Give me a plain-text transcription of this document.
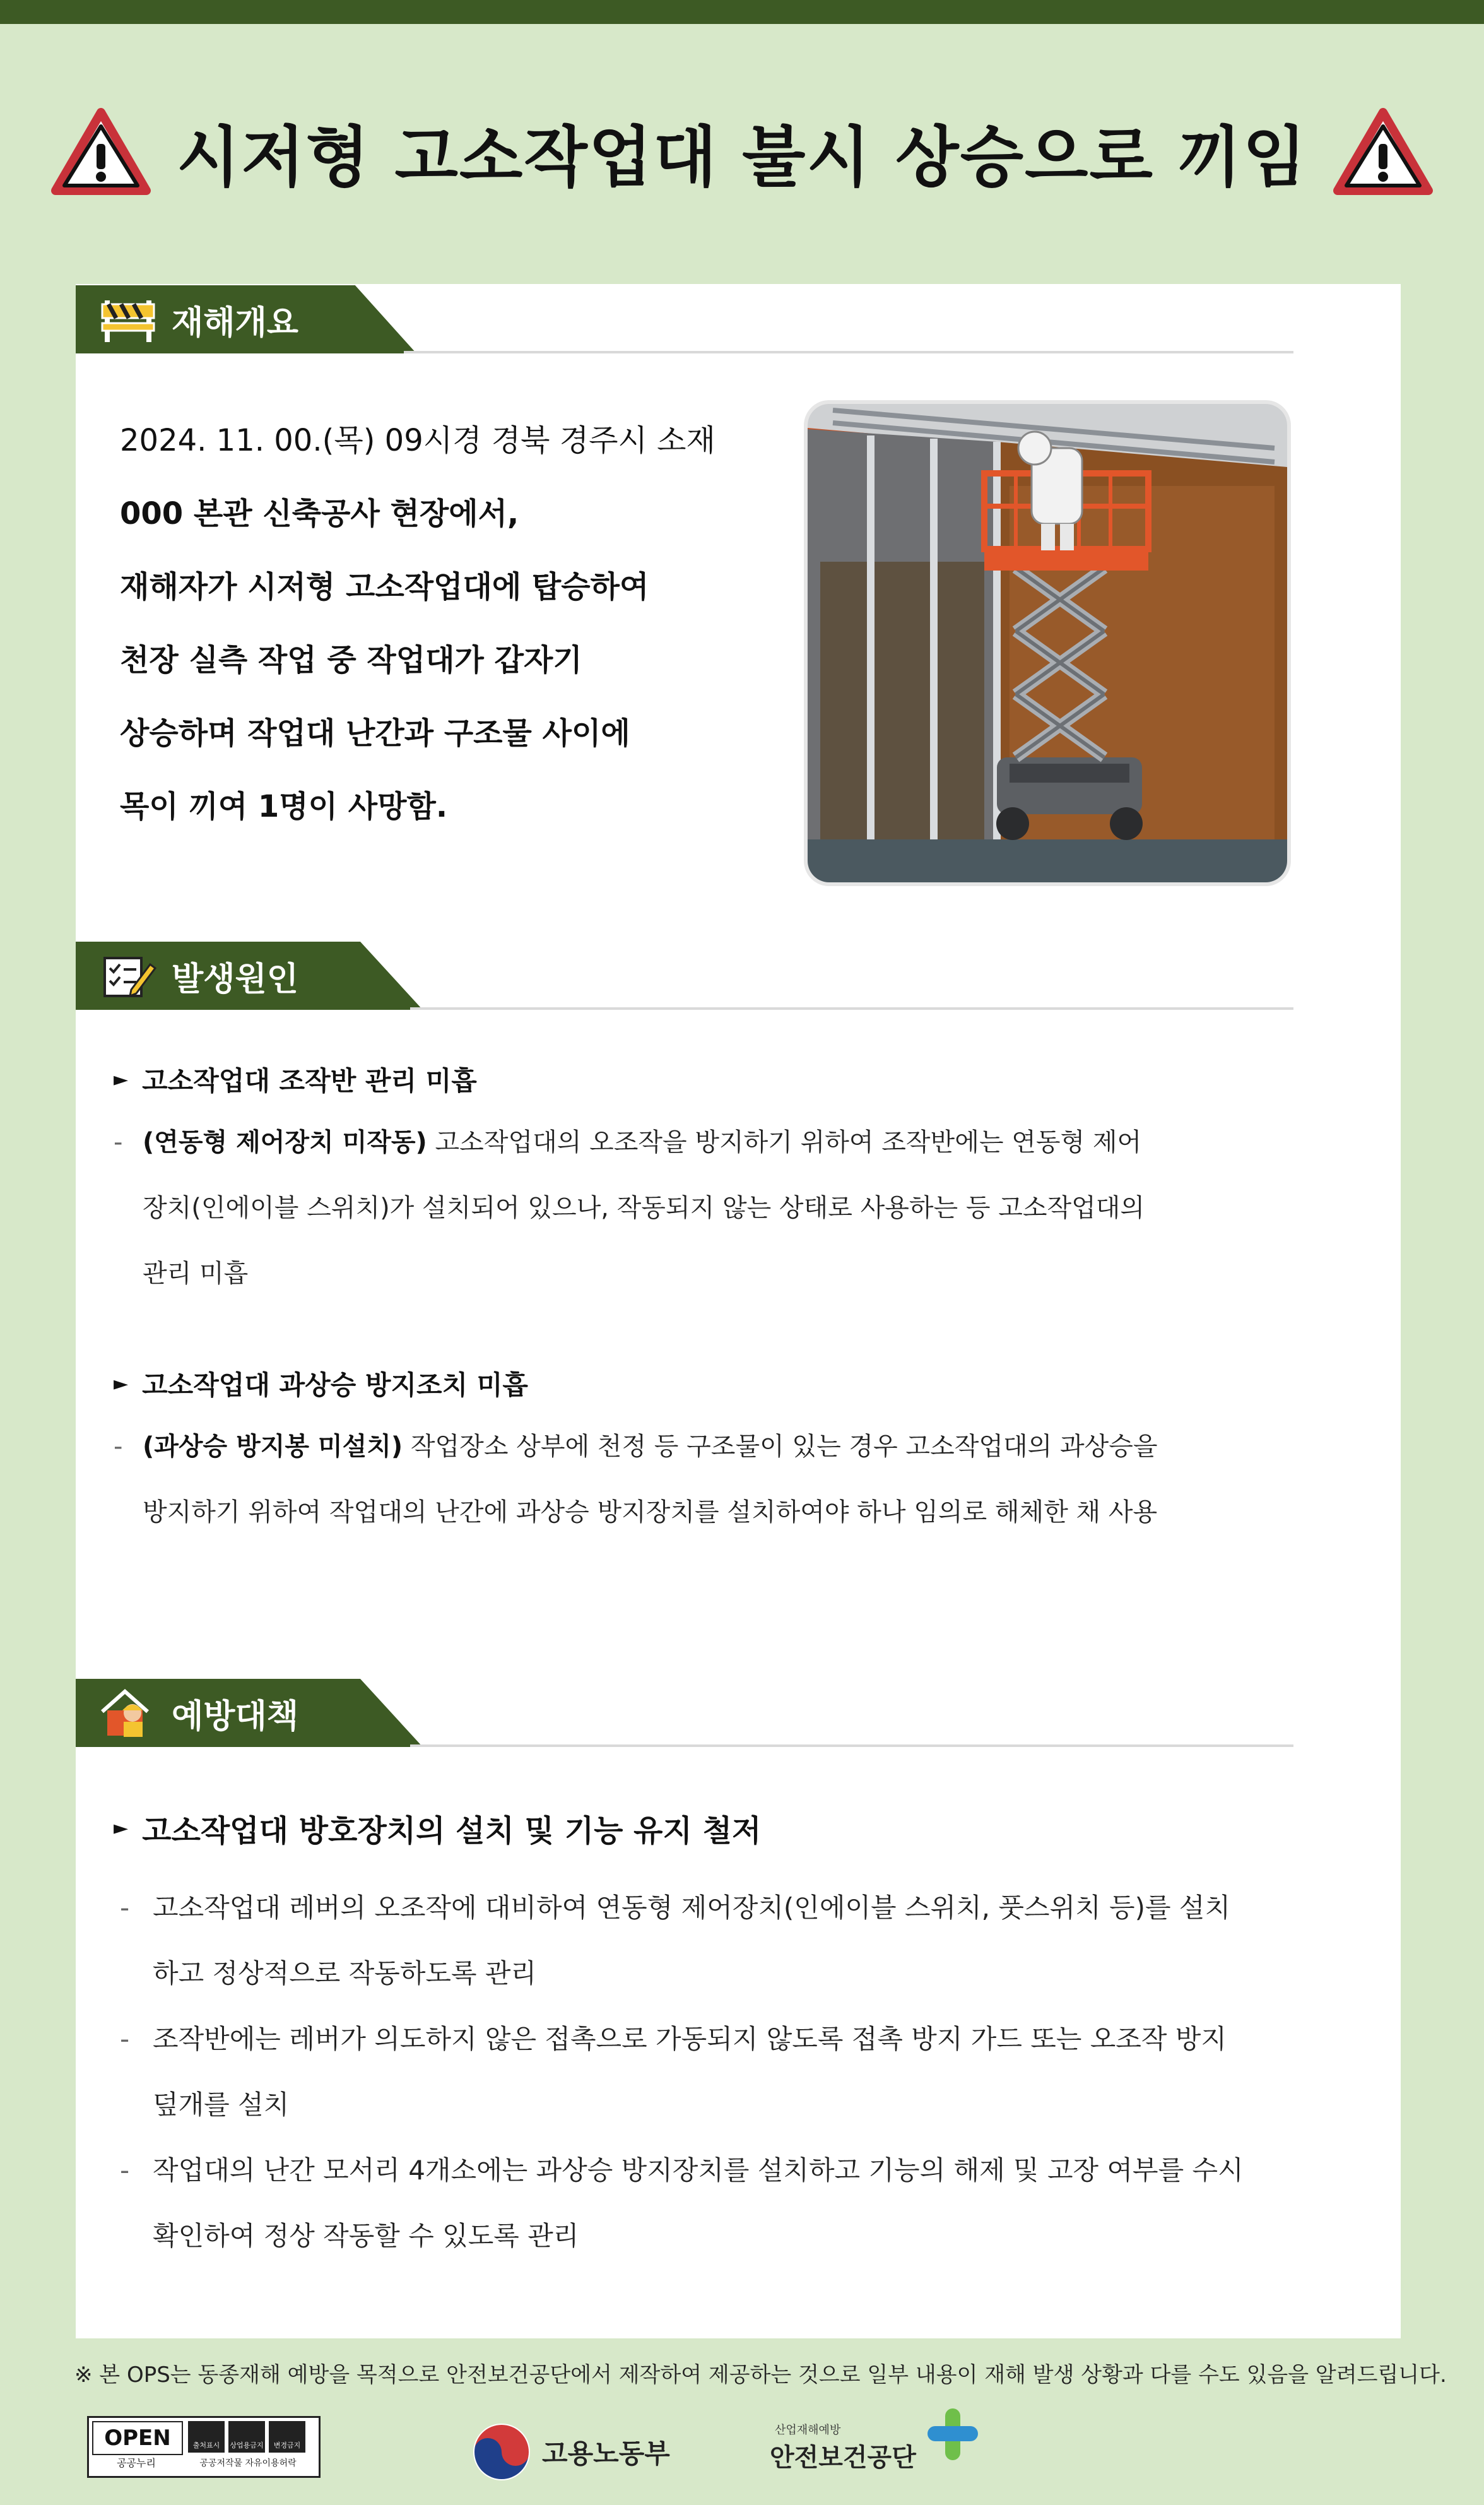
시저형 고소작업대 불시 상승으로 끼임
재해개요
2024. 11. 00.(목) 09시경 경북 경주시 소재
000 본관 신축공사 현장에서,
재해자가 시저형 고소작업대에 탑승하여
천장 실측 작업 중 작업대가 갑자기
상승하며 작업대 난간과 구조물 사이에
목이 끼여 1명이 사망함.
발생원인
► 고소작업대 조작반 관리 미흡
- (연동형 제어장치 미작동) 고소작업대의 오조작을 방지하기 위하여 조작반에는 연동형 제어
장치(인에이블 스위치)가 설치되어 있으나, 작동되지 않는 상태로 사용하는 등 고소작업대의
관리 미흡
► 고소작업대 과상승 방지조치 미흡
- (과상승 방지봉 미설치) 작업장소 상부에 천정 등 구조물이 있는 경우 고소작업대의 과상승을
방지하기 위하여 작업대의 난간에 과상승 방지장치를 설치하여야 하나 임의로 해체한 채 사용
예방대책
► 고소작업대 방호장치의 설치 및 기능 유지 철저
- 고소작업대 레버의 오조작에 대비하여 연동형 제어장치(인에이블 스위치, 풋스위치 등)를 설치
하고 정상적으로 작동하도록 관리
- 조작반에는 레버가 의도하지 않은 접촉으로 가동되지 않도록 접촉 방지 가드 또는 오조작 방지
덮개를 설치
- 작업대의 난간 모서리 4개소에는 과상승 방지장치를 설치하고 기능의 해제 및 고장 여부를 수시
확인하여 정상 작동할 수 있도록 관리
※ 본 OPS는 동종재해 예방을 목적으로 안전보건공단에서 제작하여 제공하는 것으로 일부 내용이 재해 발생 상황과 다를 수도 있음을 알려드립니다.
OPEN
공공누리
출처표시	상업용금지	변경금지
공공저작물 자유이용허락	고용노동부
산업재해예방
안전보건공단
